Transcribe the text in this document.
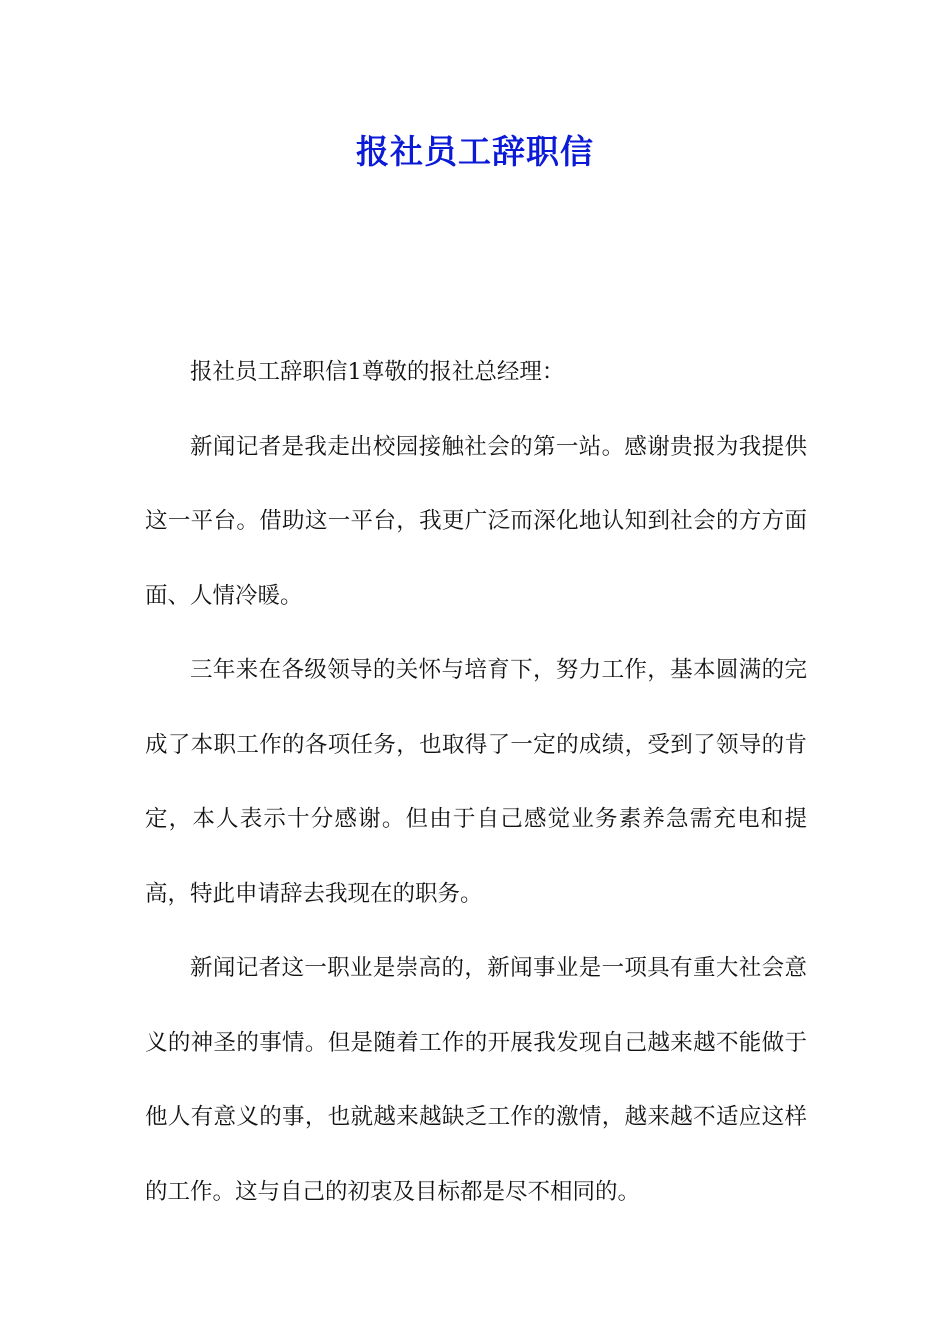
报社员工辞职信

报社员工辞职信1尊敬的报社总经理：

新闻记者是我走出校园接触社会的第一站。感谢贵报为我提供这一平台。借助这一平台，我更广泛而深化地认知到社会的方方面面、人情冷暖。

三年来在各级领导的关怀与培育下，努力工作，基本圆满的完成了本职工作的各项任务，也取得了一定的成绩，受到了领导的肯定，本人表示十分感谢。但由于自己感觉业务素养急需充电和提高，特此申请辞去我现在的职务。

新闻记者这一职业是崇高的，新闻事业是一项具有重大社会意义的神圣的事情。但是随着工作的开展我发现自己越来越不能做于他人有意义的事，也就越来越缺乏工作的激情，越来越不适应这样的工作。这与自己的初衷及目标都是尽不相同的。
